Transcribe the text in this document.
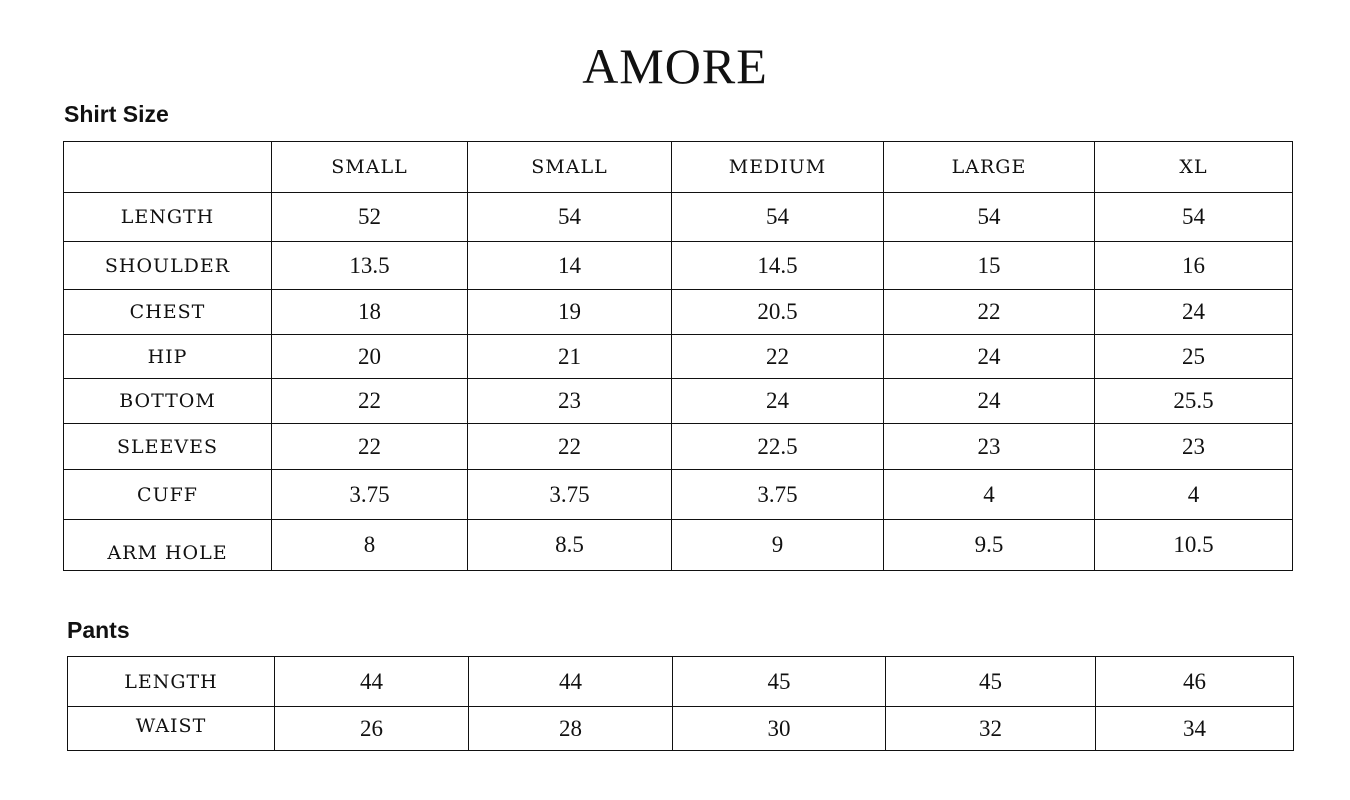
AMORE
Shirt Size
	SMALL	SMALL	MEDIUM	LARGE	XL
LENGTH	52	54	54	54	54
SHOULDER	13.5	14	14.5	15	16
CHEST	18	19	20.5	22	24
HIP	20	21	22	24	25
BOTTOM	22	23	24	24	25.5
SLEEVES	22	22	22.5	23	23
CUFF	3.75	3.75	3.75	4	4
ARM HOLE	8	8.5	9	9.5	10.5
Pants
LENGTH	44	44	45	45	46
WAIST	26	28	30	32	34
